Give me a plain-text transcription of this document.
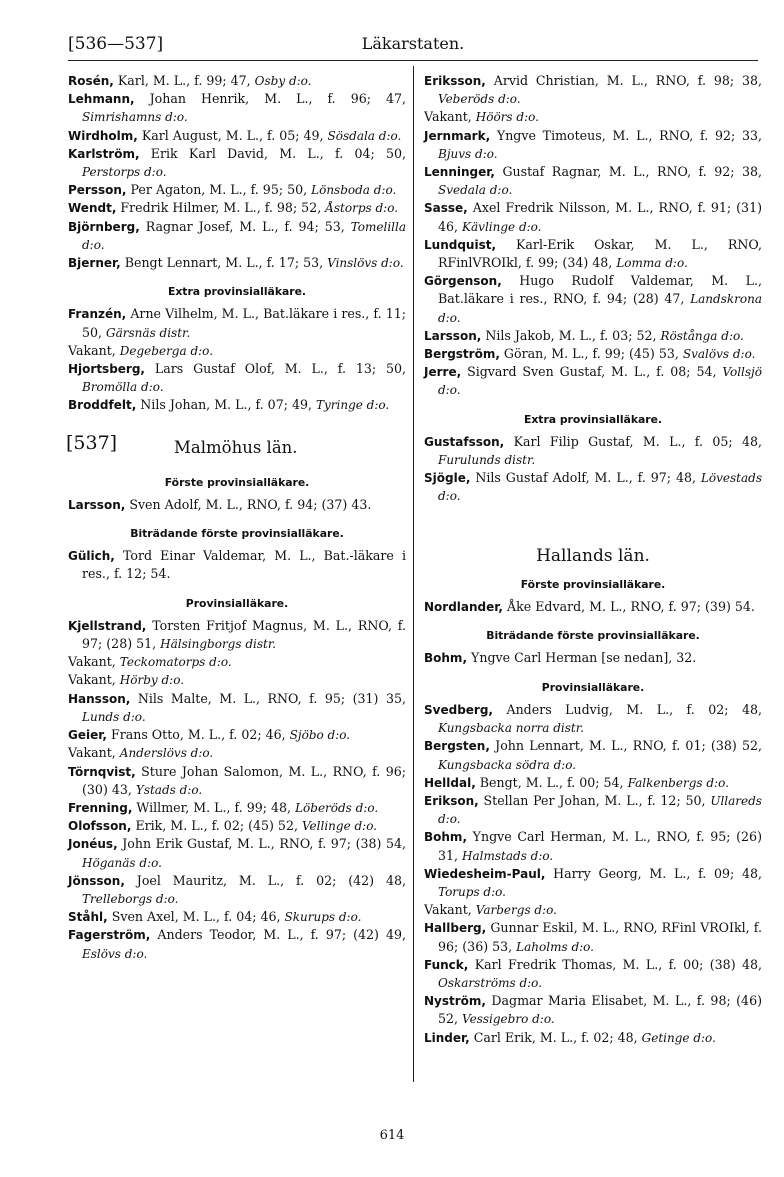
[536—537]	Läkarstaten.

Rosén, Karl, M. L., f. 99; 47, Osby d:o.

Lehmann, Johan Henrik, M. L., f. 96; 47, Simrishamns d:o.

Wirdholm, Karl August, M. L., f. 05; 49, Sösdala d:o.

Karlström, Erik Karl David, M. L., f. 04; 50, Perstorps d:o.

Persson, Per Agaton, M. L., f. 95; 50, Lönsboda d:o.

Wendt, Fredrik Hilmer, M. L., f. 98; 52, Åstorps d:o.

Björnberg, Ragnar Josef, M. L., f. 94; 53, Tomelilla d:o.

Bjerner, Bengt Lennart, M. L., f. 17; 53, Vinslövs d:o.

Extra provinsialläkare.

Franzén, Arne Vilhelm, M. L., Bat.läkare i res., f. 11; 50, Gärsnäs distr.

Vakant, Degeberga d:o.

Hjortsberg, Lars Gustaf Olof, M. L., f. 13; 50, Bromölla d:o.

Broddfelt, Nils Johan, M. L., f. 07; 49, Tyringe d:o.

[537]	Malmöhus län.
Förste provinsialläkare.

Larsson, Sven Adolf, M. L., RNO, f. 94; (37) 43.

Biträdande förste provinsialläkare.

Gülich, Tord Einar Valdemar, M. L., Bat.-läkare i res., f. 12; 54.

Provinsialläkare.

Kjellstrand, Torsten Fritjof Magnus, M. L., RNO, f. 97; (28) 51, Hälsingborgs distr.

Vakant, Teckomatorps d:o.

Vakant, Hörby d:o.

Hansson, Nils Malte, M. L., RNO, f. 95; (31) 35, Lunds d:o.

Geier, Frans Otto, M. L., f. 02; 46, Sjöbo d:o.

Vakant, Anderslövs d:o.

Törnqvist, Sture Johan Salomon, M. L., RNO, f. 96; (30) 43, Ystads d:o.

Frenning, Willmer, M. L., f. 99; 48, Löberöds d:o.

Olofsson, Erik, M. L., f. 02; (45) 52, Vellinge d:o.

Jonéus, John Erik Gustaf, M. L., RNO, f. 97; (38) 54, Höganäs d:o.

Jönsson, Joel Mauritz, M. L., f. 02; (42) 48, Trelleborgs d:o.

Ståhl, Sven Axel, M. L., f. 04; 46, Skurups d:o.

Fagerström, Anders Teodor, M. L., f. 97; (42) 49, Eslövs d:o.

Eriksson, Arvid Christian, M. L., RNO, f. 98; 38, Veberöds d:o.

Vakant, Höörs d:o.

Jernmark, Yngve Timoteus, M. L., RNO, f. 92; 33, Bjuvs d:o.

Lenninger, Gustaf Ragnar, M. L., RNO, f. 92; 38, Svedala d:o.

Sasse, Axel Fredrik Nilsson, M. L., RNO, f. 91; (31) 46, Kävlinge d:o.

Lundquist, Karl-Erik Oskar, M. L., RNO, RFinlVROIkl, f. 99; (34) 48, Lomma d:o.

Görgenson, Hugo Rudolf Valdemar, M. L., Bat.läkare i res., RNO, f. 94; (28) 47, Landskrona d:o.

Larsson, Nils Jakob, M. L., f. 03; 52, Röstånga d:o.

Bergström, Göran, M. L., f. 99; (45) 53, Svalövs d:o.

Jerre, Sigvard Sven Gustaf, M. L., f. 08; 54, Vollsjö d:o.

Extra provinsialläkare.

Gustafsson, Karl Filip Gustaf, M. L., f. 05; 48, Furulunds distr.

Sjögle, Nils Gustaf Adolf, M. L., f. 97; 48, Lövestads d:o.

Hallands län.
Förste provinsialläkare.

Nordlander, Åke Edvard, M. L., RNO, f. 97; (39) 54.

Biträdande förste provinsialläkare.

Bohm, Yngve Carl Herman [se nedan], 32.

Provinsialläkare.

Svedberg, Anders Ludvig, M. L., f. 02; 48, Kungsbacka norra distr.

Bergsten, John Lennart, M. L., RNO, f. 01; (38) 52, Kungsbacka södra d:o.

Helldal, Bengt, M. L., f. 00; 54, Falkenbergs d:o.

Erikson, Stellan Per Johan, M. L., f. 12; 50, Ullareds d:o.

Bohm, Yngve Carl Herman, M. L., RNO, f. 95; (26) 31, Halmstads d:o.

Wiedesheim-Paul, Harry Georg, M. L., f. 09; 48, Torups d:o.

Vakant, Varbergs d:o.

Hallberg, Gunnar Eskil, M. L., RNO, RFinl VROIkl, f. 96; (36) 53, Laholms d:o.

Funck, Karl Fredrik Thomas, M. L., f. 00; (38) 48, Oskarströms d:o.

Nyström, Dagmar Maria Elisabet, M. L., f. 98; (46) 52, Vessigebro d:o.

Linder, Carl Erik, M. L., f. 02; 48, Getinge d:o.

614
